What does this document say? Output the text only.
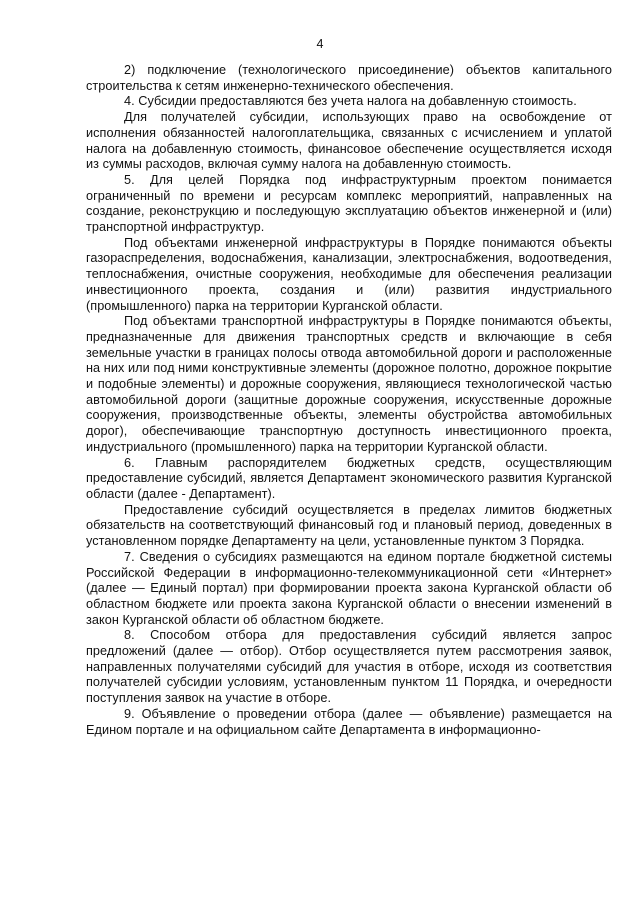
4

2) подключение (технологического присоединение) объектов капитального строительства к сетям инженерно-технического обеспечения.

4. Субсидии предоставляются без учета налога на добавленную стоимость.

Для получателей субсидии, использующих право на освобождение от исполнения обязанностей налогоплательщика, связанных с исчислением и уплатой налога на добавленную стоимость, финансовое обеспечение осуществляется исходя из суммы расходов, включая сумму налога на добавленную стоимость.

5. Для целей Порядка под инфраструктурным проектом понимается ограниченный по времени и ресурсам комплекс мероприятий, направленных на создание, реконструкцию и последующую эксплуатацию объектов инженерной и (или) транспортной инфраструктур.

Под объектами инженерной инфраструктуры в Порядке понимаются объекты газораспределения, водоснабжения, канализации, электроснабжения, водоотведения, теплоснабжения, очистные сооружения, необходимые для обеспечения реализации инвестиционного проекта, создания и (или) развития индустриального (промышленного) парка на территории Курганской области.

Под объектами транспортной инфраструктуры в Порядке понимаются объекты, предназначенные для движения транспортных средств и включающие в себя земельные участки в границах полосы отвода автомобильной дороги и расположенные на них или под ними конструктивные элементы (дорожное полотно, дорожное покрытие и подобные элементы) и дорожные сооружения, являющиеся технологической частью автомобильной дороги (защитные дорожные сооружения, искусственные дорожные сооружения, производственные объекты, элементы обустройства автомобильных дорог), обеспечивающие транспортную доступность инвестиционного проекта, индустриального (промышленного) парка на территории Курганской области.

6. Главным распорядителем бюджетных средств, осуществляющим предоставление субсидий, является Департамент экономического развития Курганской области (далее - Департамент).

Предоставление субсидий осуществляется в пределах лимитов бюджетных обязательств на соответствующий финансовый год и плановый период, доведенных в установленном порядке Департаменту на цели, установленные пунктом 3 Порядка.

7. Сведения о субсидиях размещаются на едином портале бюджетной системы Российской Федерации в информационно-телекоммуникационной сети «Интернет» (далее — Единый портал) при формировании проекта закона Курганской области об областном бюджете или проекта закона Курганской области о внесении изменений в закон Курганской области об областном бюджете.

8. Способом отбора для предоставления субсидий является запрос предложений (далее — отбор). Отбор осуществляется путем рассмотрения заявок, направленных получателями субсидий для участия в отборе, исходя из соответствия получателей субсидии условиям, установленным пунктом 11 Порядка, и очередности поступления заявок на участие в отборе.

9. Объявление о проведении отбора (далее — объявление) размещается на Едином портале и на официальном сайте Департамента в информационно-
